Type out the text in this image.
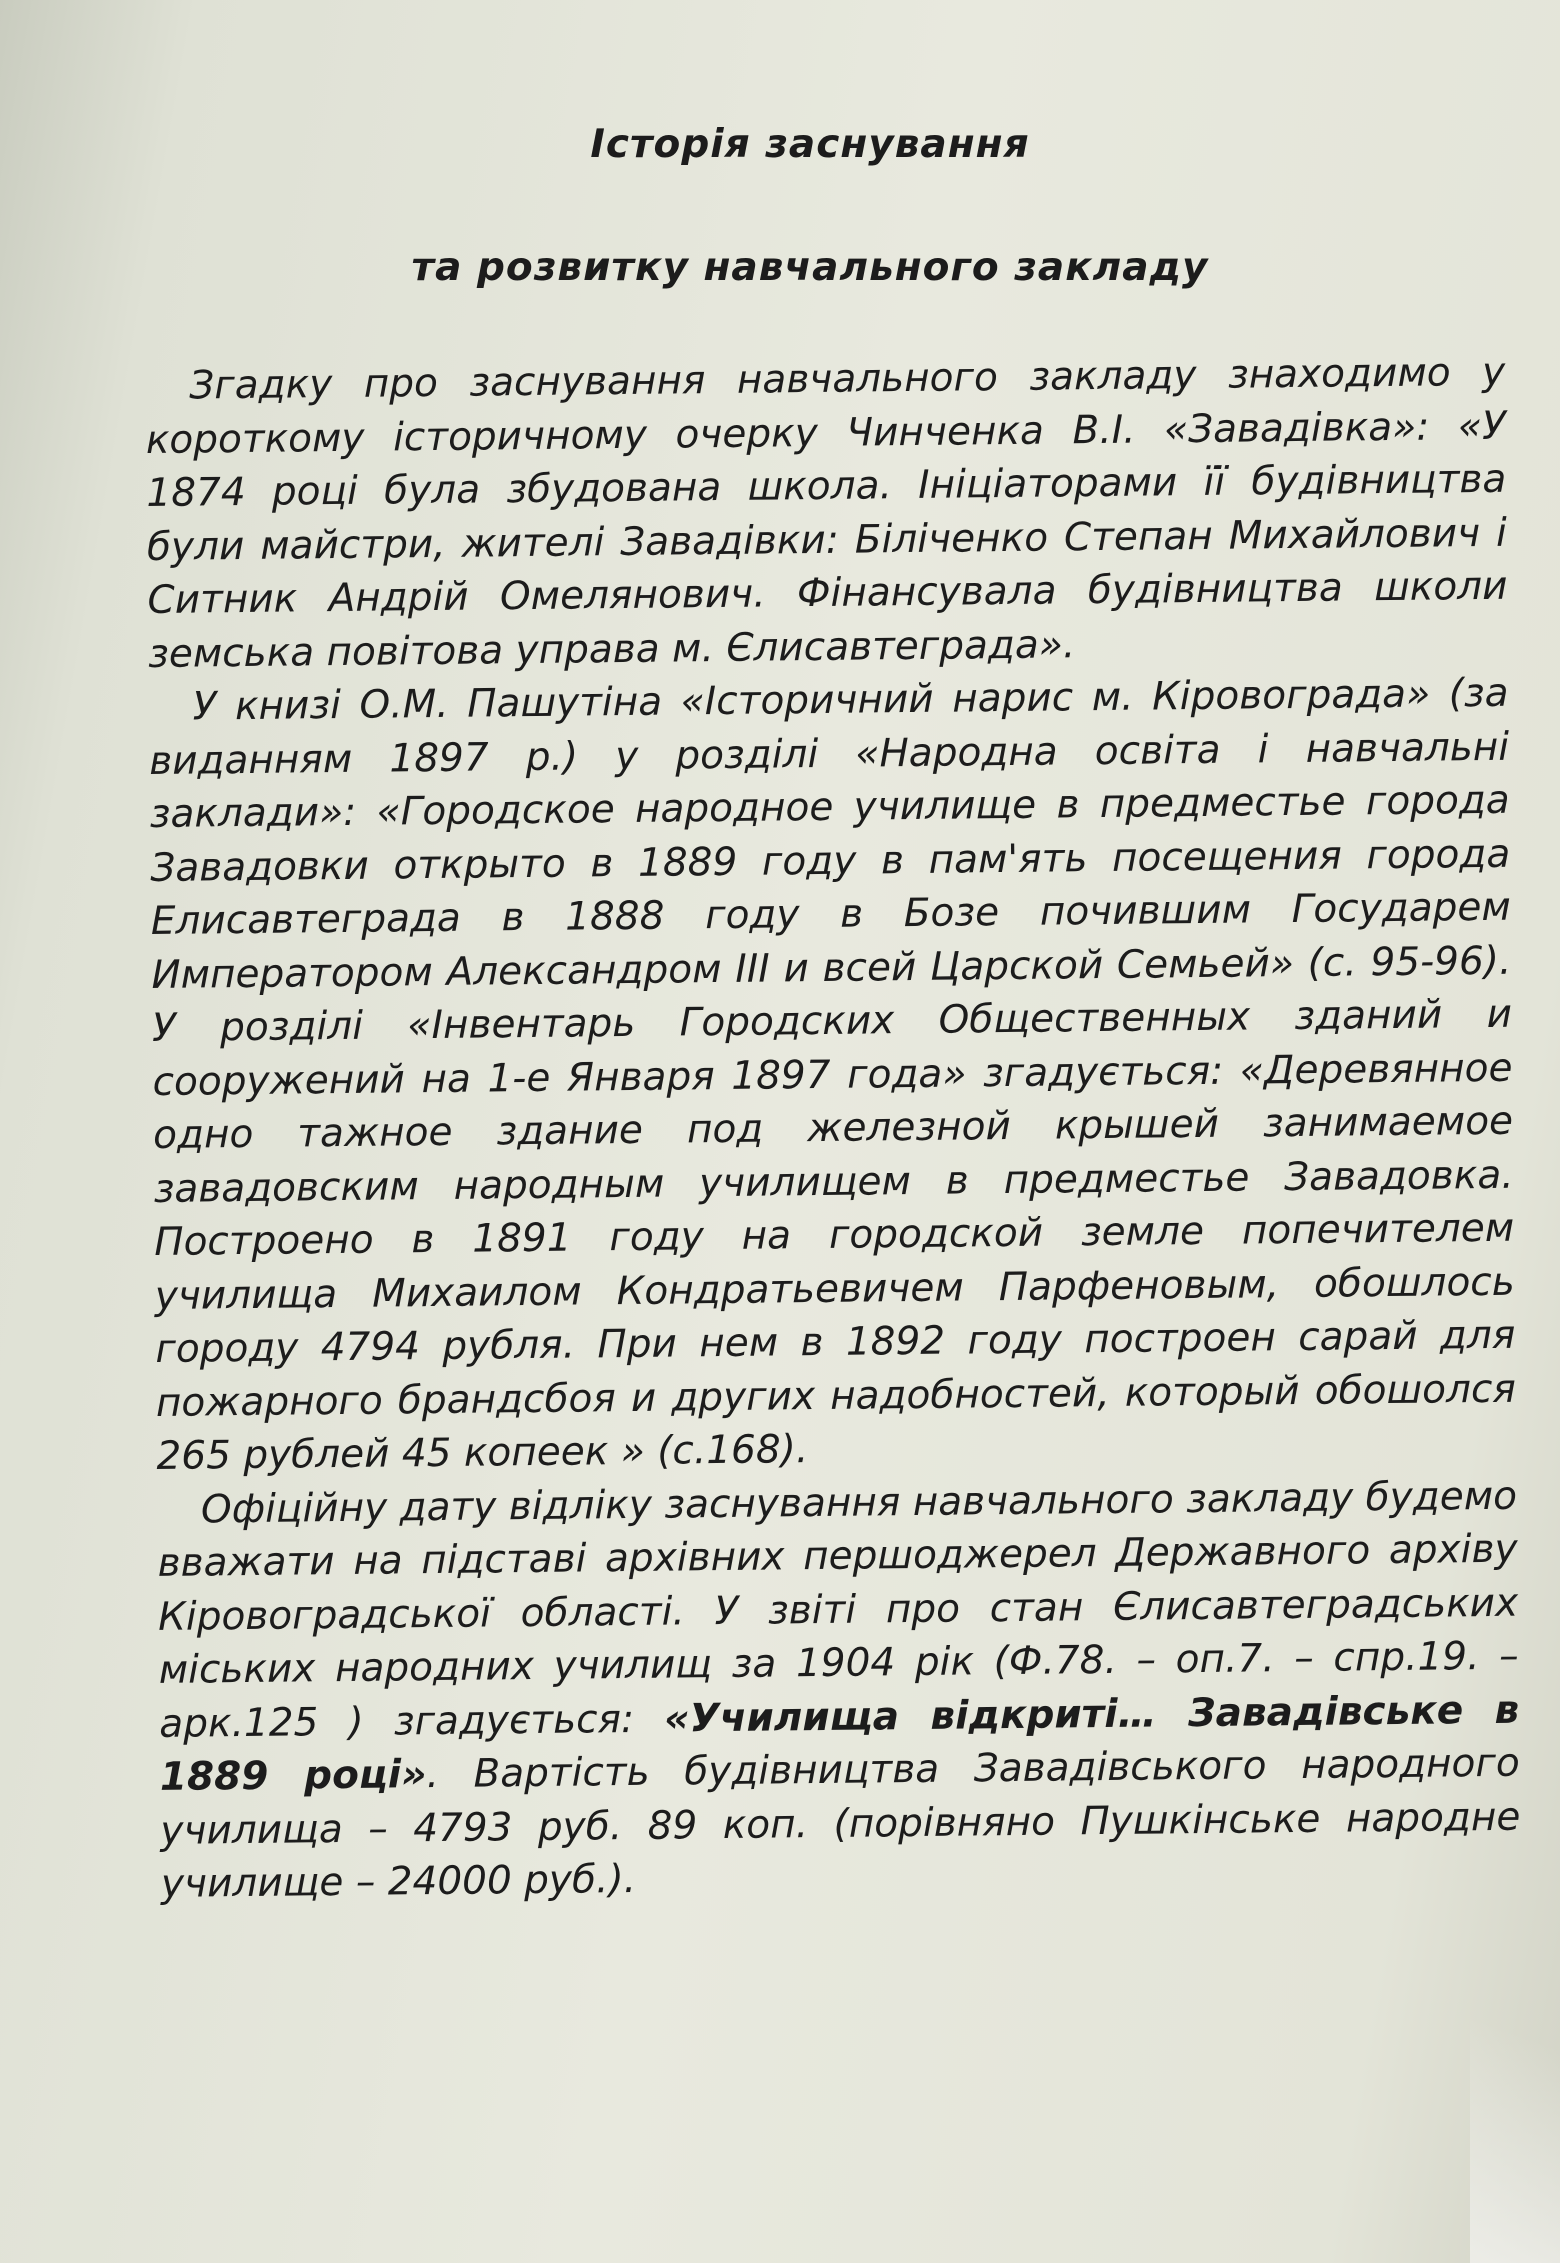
Історія заснування
та розвитку навчального закладу

Згадку про заснування навчального закладу знаходимо у короткому історичному очерку Чинченка В.І. «Завадівка»: «У 1874 році була збудована школа. Ініціаторами її будівництва були майстри, жителі Завадівки: Біліченко Степан Михайлович і Ситник Андрій Омелянович. Фінансувала будівництва школи земська повітова управа м. Єлисавтеграда».

У книзі О.М. Пашутіна «Історичний нарис м. Кіровограда» (за виданням 1897 р.) у розділі «Народна освіта і навчальні заклади»: «Городское народное училище в предместье города Завадовки открыто в 1889 году в пам'ять посещения города Елисавтеграда в 1888 году в Бозе почившим Государем Императором Александром III и всей Царской Семьей» (с. 95-96). У розділі «Інвентарь Городских Общественных зданий и сооружений на 1-е Января 1897 года» згадується: «Деревянное одно тажное здание под железной крышей занимаемое завадовским народным училищем в предместье Завадовка. Построено в 1891 году на городской земле попечителем училища Михаилом Кондратьевичем Парфеновым, обошлось городу 4794 рубля. При нем в 1892 году построен сарай для пожарного брандсбоя и других надобностей, который обошолся 265 рублей 45 копеек » (с.168).

Офіційну дату відліку заснування навчального закладу будемо вважати на підставі архівних першоджерел Державного архіву Кіровоградської області. У звіті про стан Єлисавтеградських міських народних училищ за 1904 рік (Ф.78. – оп.7. – спр.19. – арк.125 ) згадується: «Училища відкриті… Завадівське в 1889 році». Вартість будівництва Завадівського народного училища – 4793 руб. 89 коп. (порівняно Пушкінське народне училище – 24000 руб.).
